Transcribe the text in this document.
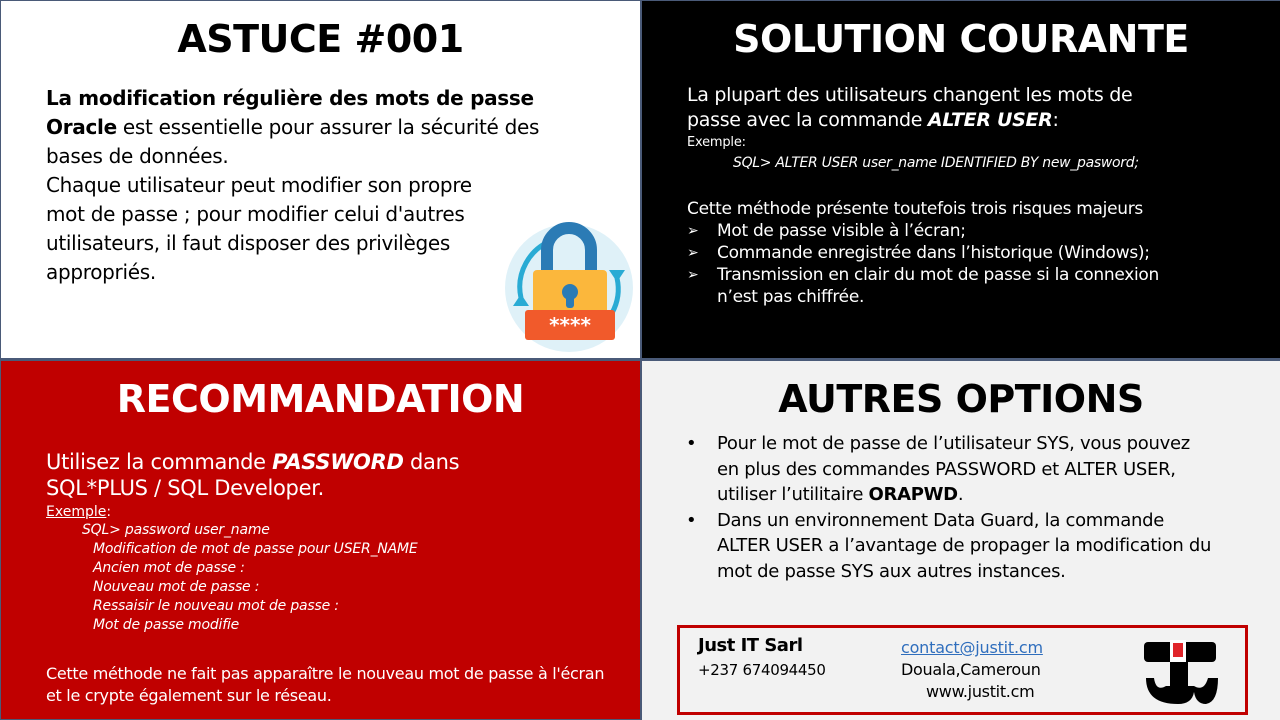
ASTUCE #001
La modification régulière des mots de passe Oracle est essentielle pour assurer la sécurité des bases de données.
Chaque utilisateur peut modifier son propre mot de passe ; pour modifier celui d'autres utilisateurs, il faut disposer des privilèges appropriés.
****
SOLUTION COURANTE
La plupart des utilisateurs changent les mots de passe avec la commande ALTER USER:
Exemple:
SQL> ALTER USER user_name IDENTIFIED BY new_pasword;
Cette méthode présente toutefois trois risques majeurs
➢ Mot de passe visible à l’écran;
➢ Commande enregistrée dans l’historique (Windows);
➢ Transmission en clair du mot de passe si la connexion n’est pas chiffrée.
RECOMMANDATION
Utilisez la commande PASSWORD dans SQL*PLUS / SQL Developer.
Exemple:
SQL> password user_name
Modification de mot de passe pour USER_NAME
Ancien mot de passe :
Nouveau mot de passe :
Ressaisir le nouveau mot de passe :
Mot de passe modifie
Cette méthode ne fait pas apparaître le nouveau mot de passe à l'écran et le crypte également sur le réseau.
AUTRES OPTIONS
• Pour le mot de passe de l’utilisateur SYS, vous pouvez en plus des commandes PASSWORD et ALTER USER, utiliser l’utilitaire ORAPWD.
• Dans un environnement Data Guard, la commande ALTER USER a l’avantage de propager la modification du mot de passe SYS aux autres instances.
Just IT Sarl
+237 674094450
contact@justit.cm
Douala,Cameroun
www.justit.cm
